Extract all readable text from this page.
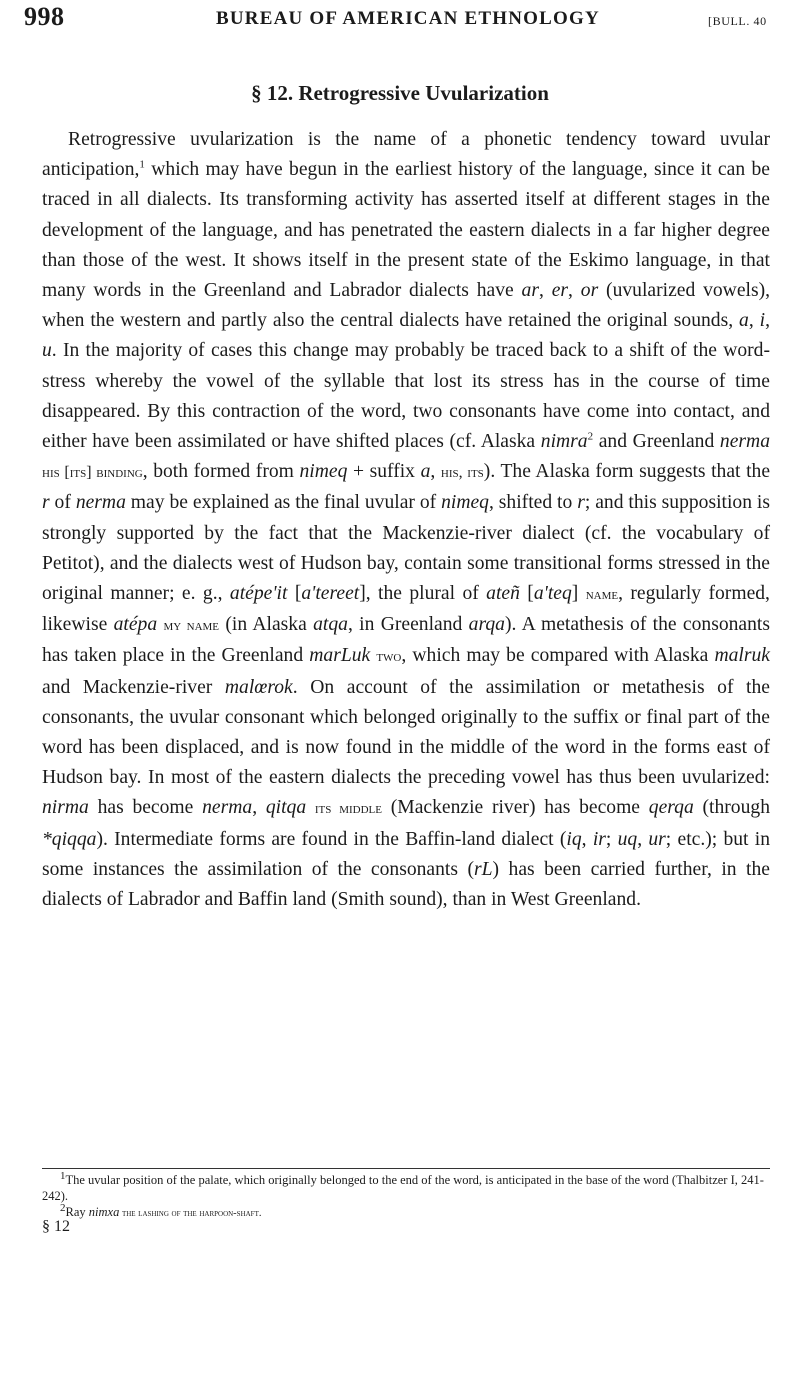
998	BUREAU OF AMERICAN ETHNOLOGY	[BULL. 40
§ 12. Retrogressive Uvularization

Retrogressive uvularization is the name of a phonetic tendency toward uvular anticipation,$^1$ which may have begun in the earliest history of the language, since it can be traced in all dialects. Its transforming activity has asserted itself at different stages in the development of the language, and has penetrated the eastern dialects in a far higher degree than those of the west. It shows itself in the present state of the Eskimo language, in that many words in the Greenland and Labrador dialects have ar, er, or (uvularized vowels), when the western and partly also the central dialects have retained the original sounds, a, i, u. In the majority of cases this change may probably be traced back to a shift of the word-stress whereby the vowel of the syllable that lost its stress has in the course of time disappeared. By this contraction of the word, two consonants have come into contact, and either have been assimilated or have shifted places (cf. Alaska nimra$^2$ and Greenland nerma his [its] binding, both formed from nimeq + suffix a, his, its). The Alaska form suggests that the r of nerma may be explained as the final uvular of nimeq, shifted to r; and this supposition is strongly supported by the fact that the Mackenzie-river dialect (cf. the vocabulary of Petitot), and the dialects west of Hudson bay, contain some transitional forms stressed in the original manner; e. g., atépe'it [a'tereet], the plural of ateñ [a'teq] name, regularly formed, likewise atépa my name (in Alaska atqa, in Greenland arqa). A metathesis of the consonants has taken place in the Greenland marLuk two, which may be compared with Alaska malruk and Mackenzie-river malœrok. On account of the assimilation or metathesis of the consonants, the uvular consonant which belonged originally to the suffix or final part of the word has been displaced, and is now found in the middle of the word in the forms east of Hudson bay. In most of the eastern dialects the preceding vowel has thus been uvularized: nirma has become nerma, qitqa its middle (Mackenzie river) has become qerqa (through *qiqqa). Intermediate forms are found in the Baffin-land dialect (iq, ir; uq, ur; etc.); but in some instances the assimilation of the consonants (rL) has been carried further, in the dialects of Labrador and Baffin land (Smith sound), than in West Greenland.

$^1$The uvular position of the palate, which originally belonged to the end of the word, is anticipated in the base of the word (Thalbitzer I, 241-242).

$^2$Ray nimxa the lashing of the harpoon-shaft.

§ 12
